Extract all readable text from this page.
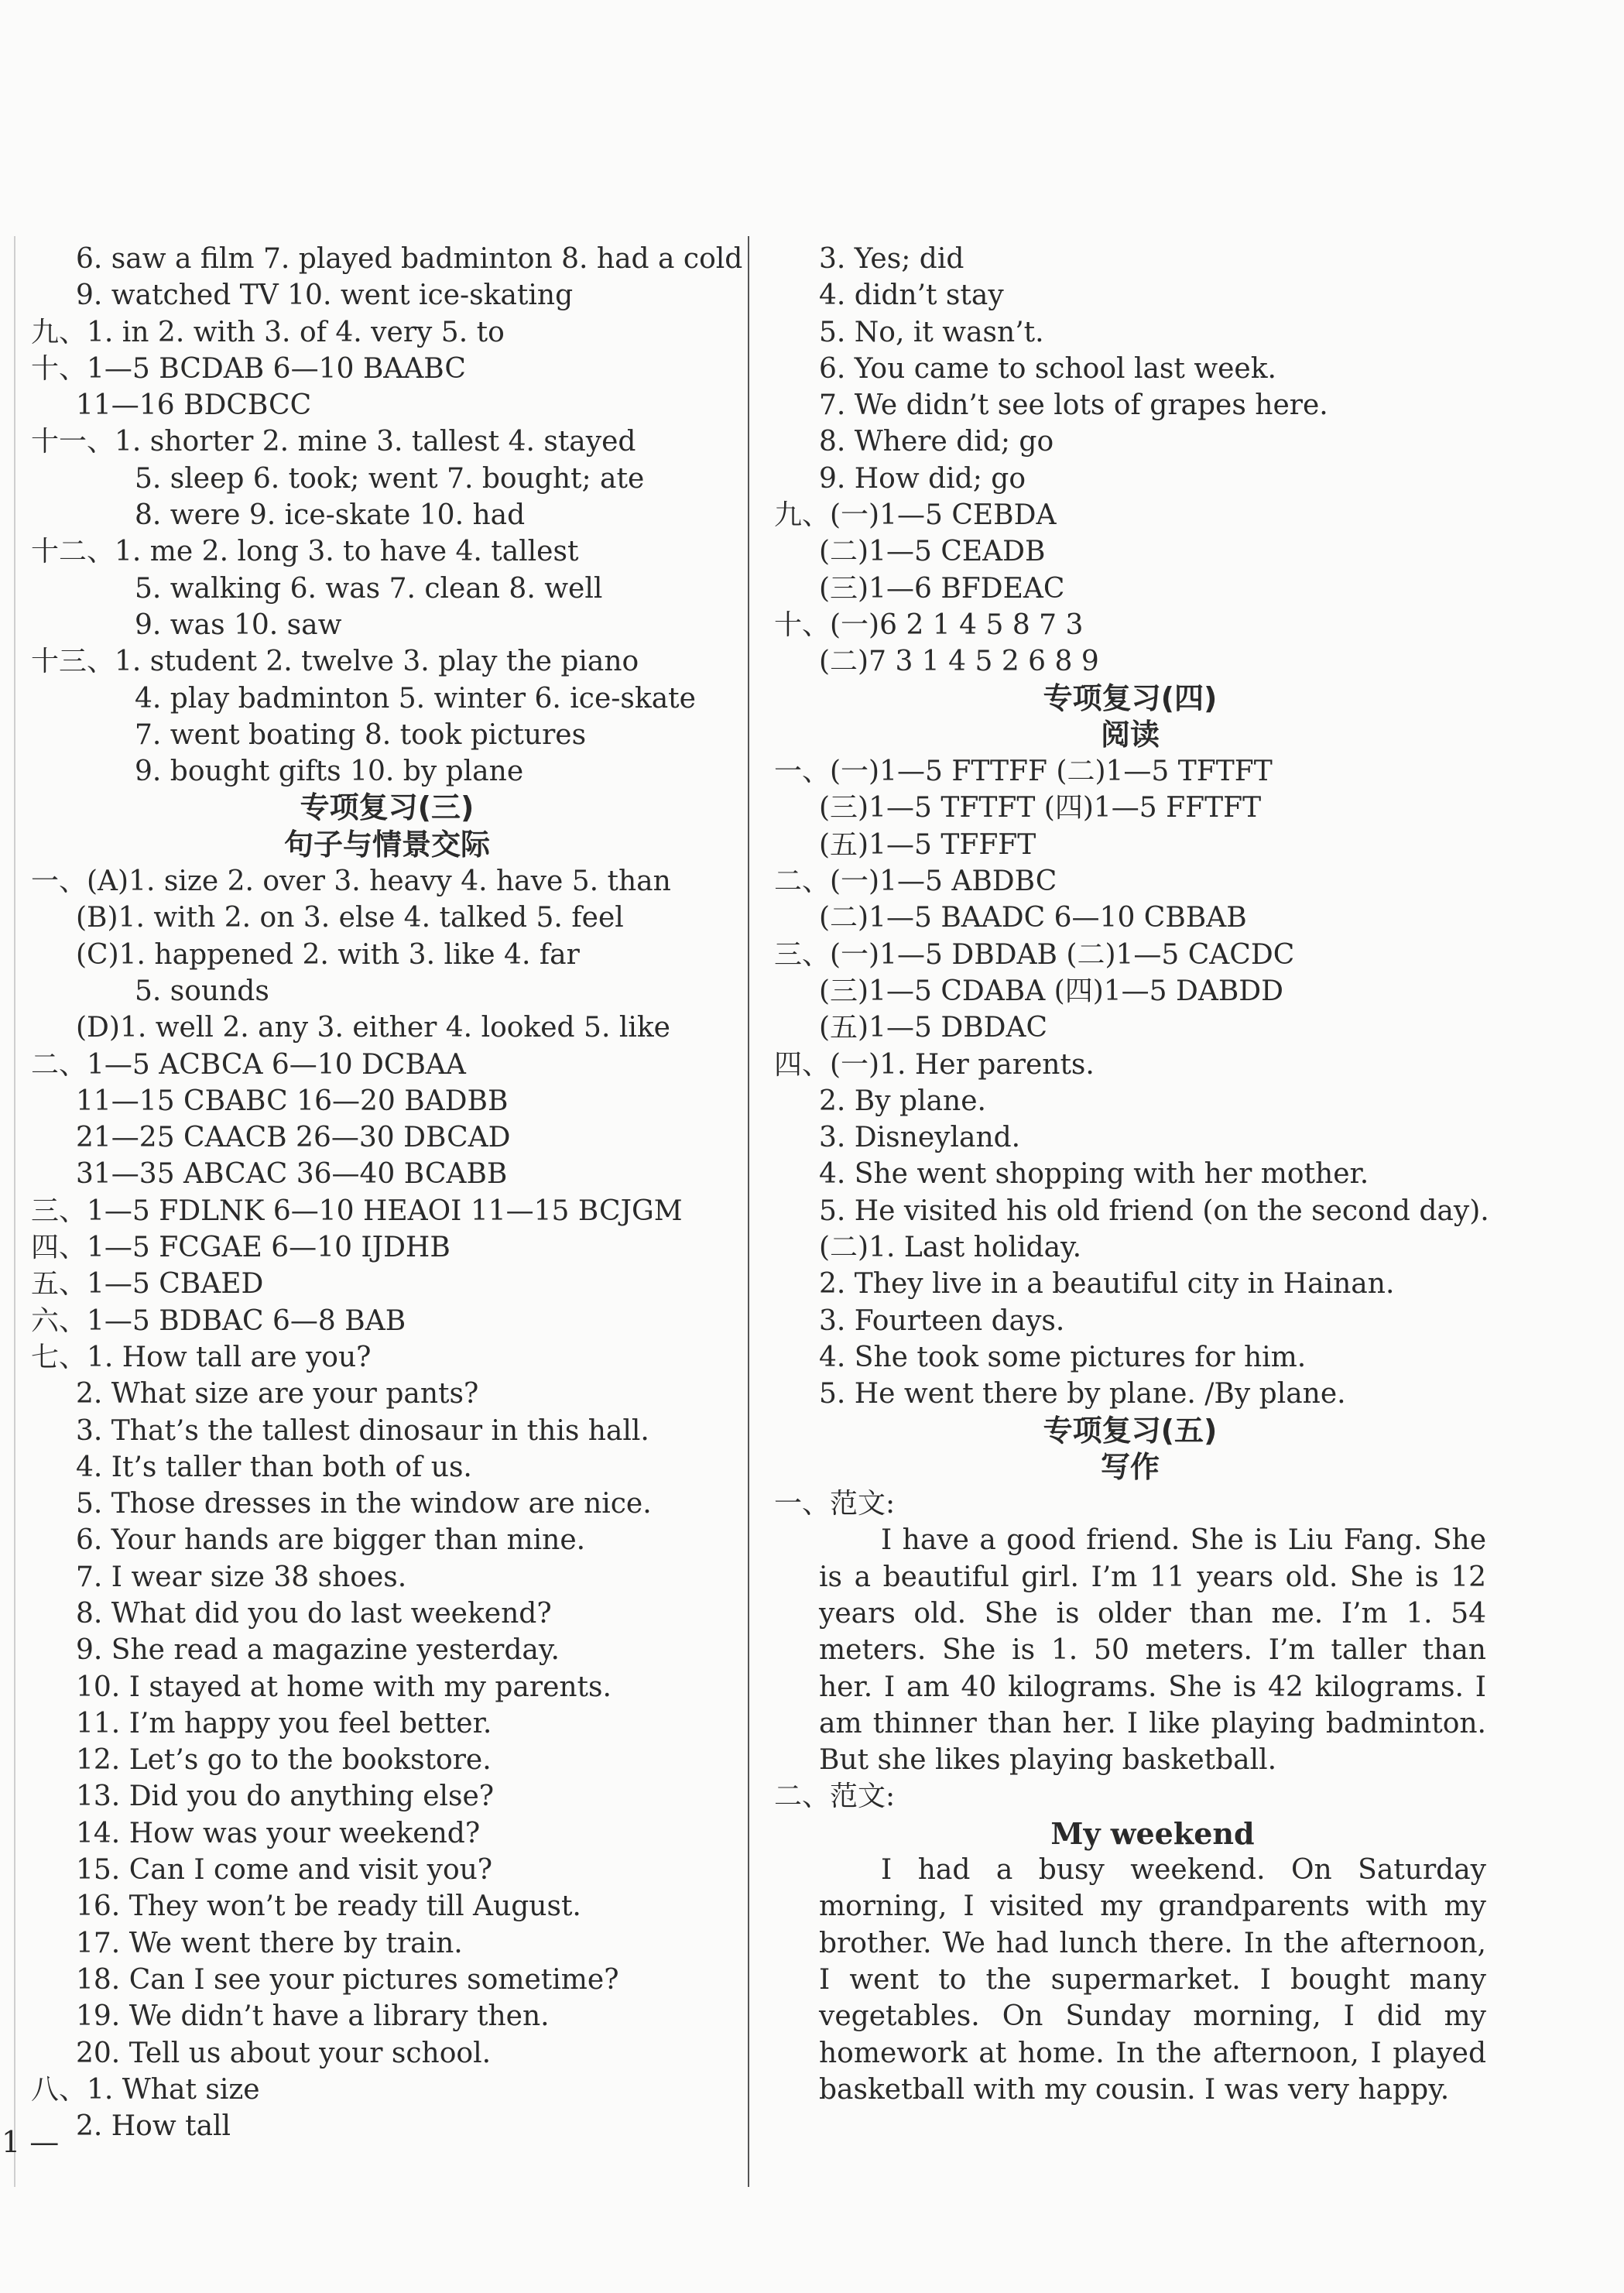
6. saw a film 7. played badminton 8. had a cold
9. watched TV 10. went ice-skating
九、1. in 2. with 3. of 4. very 5. to
十、1—5 BCDAB 6—10 BAABC
11—16 BDCBCC
十一、1. shorter 2. mine 3. tallest 4. stayed
5. sleep 6. took; went 7. bought; ate
8. were 9. ice-skate 10. had
十二、1. me 2. long 3. to have 4. tallest
5. walking 6. was 7. clean 8. well
9. was 10. saw
十三、1. student 2. twelve 3. play the piano
4. play badminton 5. winter 6. ice-skate
7. went boating 8. took pictures
9. bought gifts 10. by plane
专项复习(三)
句子与情景交际
一、(A)1. size 2. over 3. heavy 4. have 5. than
(B)1. with 2. on 3. else 4. talked 5. feel
(C)1. happened 2. with 3. like 4. far
5. sounds
(D)1. well 2. any 3. either 4. looked 5. like
二、1—5 ACBCA 6—10 DCBAA
11—15 CBABC 16—20 BADBB
21—25 CAACB 26—30 DBCAD
31—35 ABCAC 36—40 BCABB
三、1—5 FDLNK 6—10 HEAOI 11—15 BCJGM
四、1—5 FCGAE 6—10 IJDHB
五、1—5 CBAED
六、1—5 BDBAC 6—8 BAB
七、1. How tall are you?
2. What size are your pants?
3. That’s the tallest dinosaur in this hall.
4. It’s taller than both of us.
5. Those dresses in the window are nice.
6. Your hands are bigger than mine.
7. I wear size 38 shoes.
8. What did you do last weekend?
9. She read a magazine yesterday.
10. I stayed at home with my parents.
11. I’m happy you feel better.
12. Let’s go to the bookstore.
13. Did you do anything else?
14. How was your weekend?
15. Can I come and visit you?
16. They won’t be ready till August.
17. We went there by train.
18. Can I see your pictures sometime?
19. We didn’t have a library then.
20. Tell us about your school.
八、1. What size
2. How tall
3. Yes; did
4. didn’t stay
5. No, it wasn’t.
6. You came to school last week.
7. We didn’t see lots of grapes here.
8. Where did; go
9. How did; go
九、(一)1—5 CEBDA
(二)1—5 CEADB
(三)1—6 BFDEAC
十、(一)6 2 1 4 5 8 7 3
(二)7 3 1 4 5 2 6 8 9
专项复习(四)
阅读
一、(一)1—5 FTTFF (二)1—5 TFTFT
(三)1—5 TFTFT (四)1—5 FFTFT
(五)1—5 TFFFT
二、(一)1—5 ABDBC
(二)1—5 BAADC 6—10 CBBAB
三、(一)1—5 DBDAB (二)1—5 CACDC
(三)1—5 CDABA (四)1—5 DABDD
(五)1—5 DBDAC
四、(一)1. Her parents.
2. By plane.
3. Disneyland.
4. She went shopping with her mother.
5. He visited his old friend (on the second day).
(二)1. Last holiday.
2. They live in a beautiful city in Hainan.
3. Fourteen days.
4. She took some pictures for him.
5. He went there by plane. /By plane.
专项复习(五)
写作
一、范文:
I have a good friend. She is Liu Fang. She is a beautiful girl. I’m 11 years old. She is 12 years old. She is older than me. I’m 1. 54 meters. She is 1. 50 meters. I’m taller than her. I am 40 kilograms. She is 42 kilograms. I am thinner than her. I like playing badminton. But she likes playing basketball.
二、范文:
My weekend
I had a busy weekend. On Saturday morning, I visited my grandparents with my brother. We had lunch there. In the afternoon, I went to the supermarket. I bought many vegetables. On Sunday morning, I did my homework at home. In the afternoon, I played basketball with my cousin. I was very happy.
1 —
